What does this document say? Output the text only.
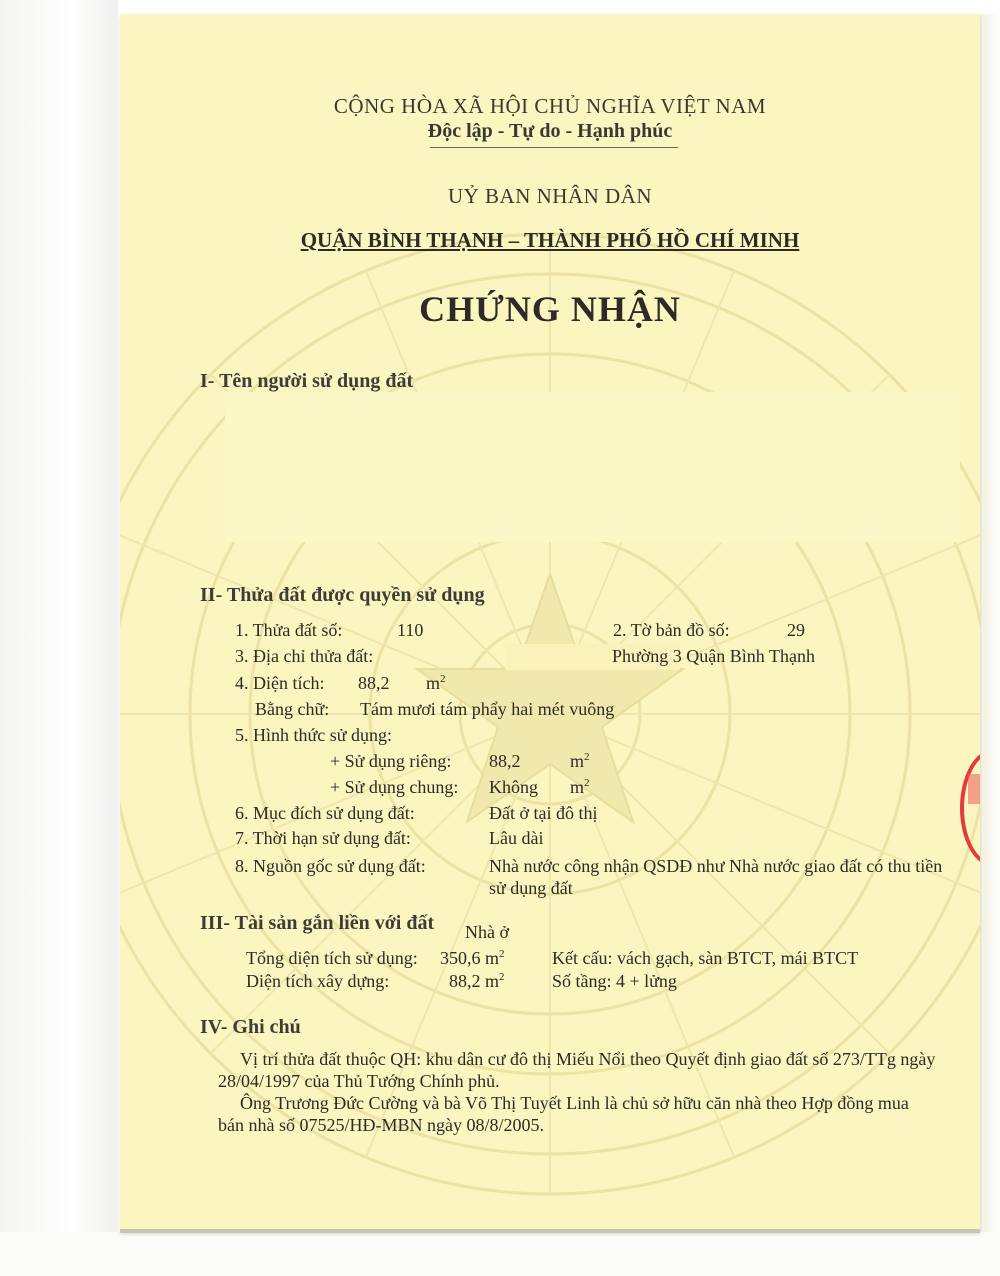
CỘNG HÒA XÃ HỘI CHỦ NGHĨA VIỆT NAM
Độc lập - Tự do - Hạnh phúc
UỶ BAN NHÂN DÂN
QUẬN BÌNH THẠNH – THÀNH PHỐ HỒ CHÍ MINH
CHỨNG NHẬN
I- Tên người sử dụng đất
II- Thửa đất được quyền sử dụng
1. Thửa đất số:	110	2. Tờ bản đồ số:	29
3. Địa chỉ thửa đất:	Phường 3 Quận Bình Thạnh
4. Diện tích: 88,2 $m^2$
Bằng chữ: Tám mươi tám phẩy hai mét vuông
5. Hình thức sử dụng:
+ Sử dụng riêng: 88,2	$m^2$
+ Sử dụng chung: Không $m^2$
6. Mục đích sử dụng đất:	Đất ở tại đô thị
7. Thời hạn sử dụng đất:	Lâu dài
8. Nguồn gốc sử dụng đất:	Nhà nước công nhận QSDĐ như Nhà nước giao đất có thu tiền
sử dụng đất
III- Tài sản gắn liền với đất Nhà ở
Tổng diện tích sử dụng: 350,6 $m^2$	Kết cấu: vách gạch, sàn BTCT, mái BTCT
Diện tích xây dựng:	88,2 $m^2$	Số tầng: 4 + lửng
IV- Ghi chú
Vị trí thửa đất thuộc QH: khu dân cư đô thị Miếu Nổi theo Quyết định giao đất số 273/TTg ngày
28/04/1997 của Thủ Tướng Chính phủ.
Ông Trương Đức Cường và bà Võ Thị Tuyết Linh là chủ sở hữu căn nhà theo Hợp đồng mua
bán nhà số 07525/HĐ-MBN ngày 08/8/2005.
